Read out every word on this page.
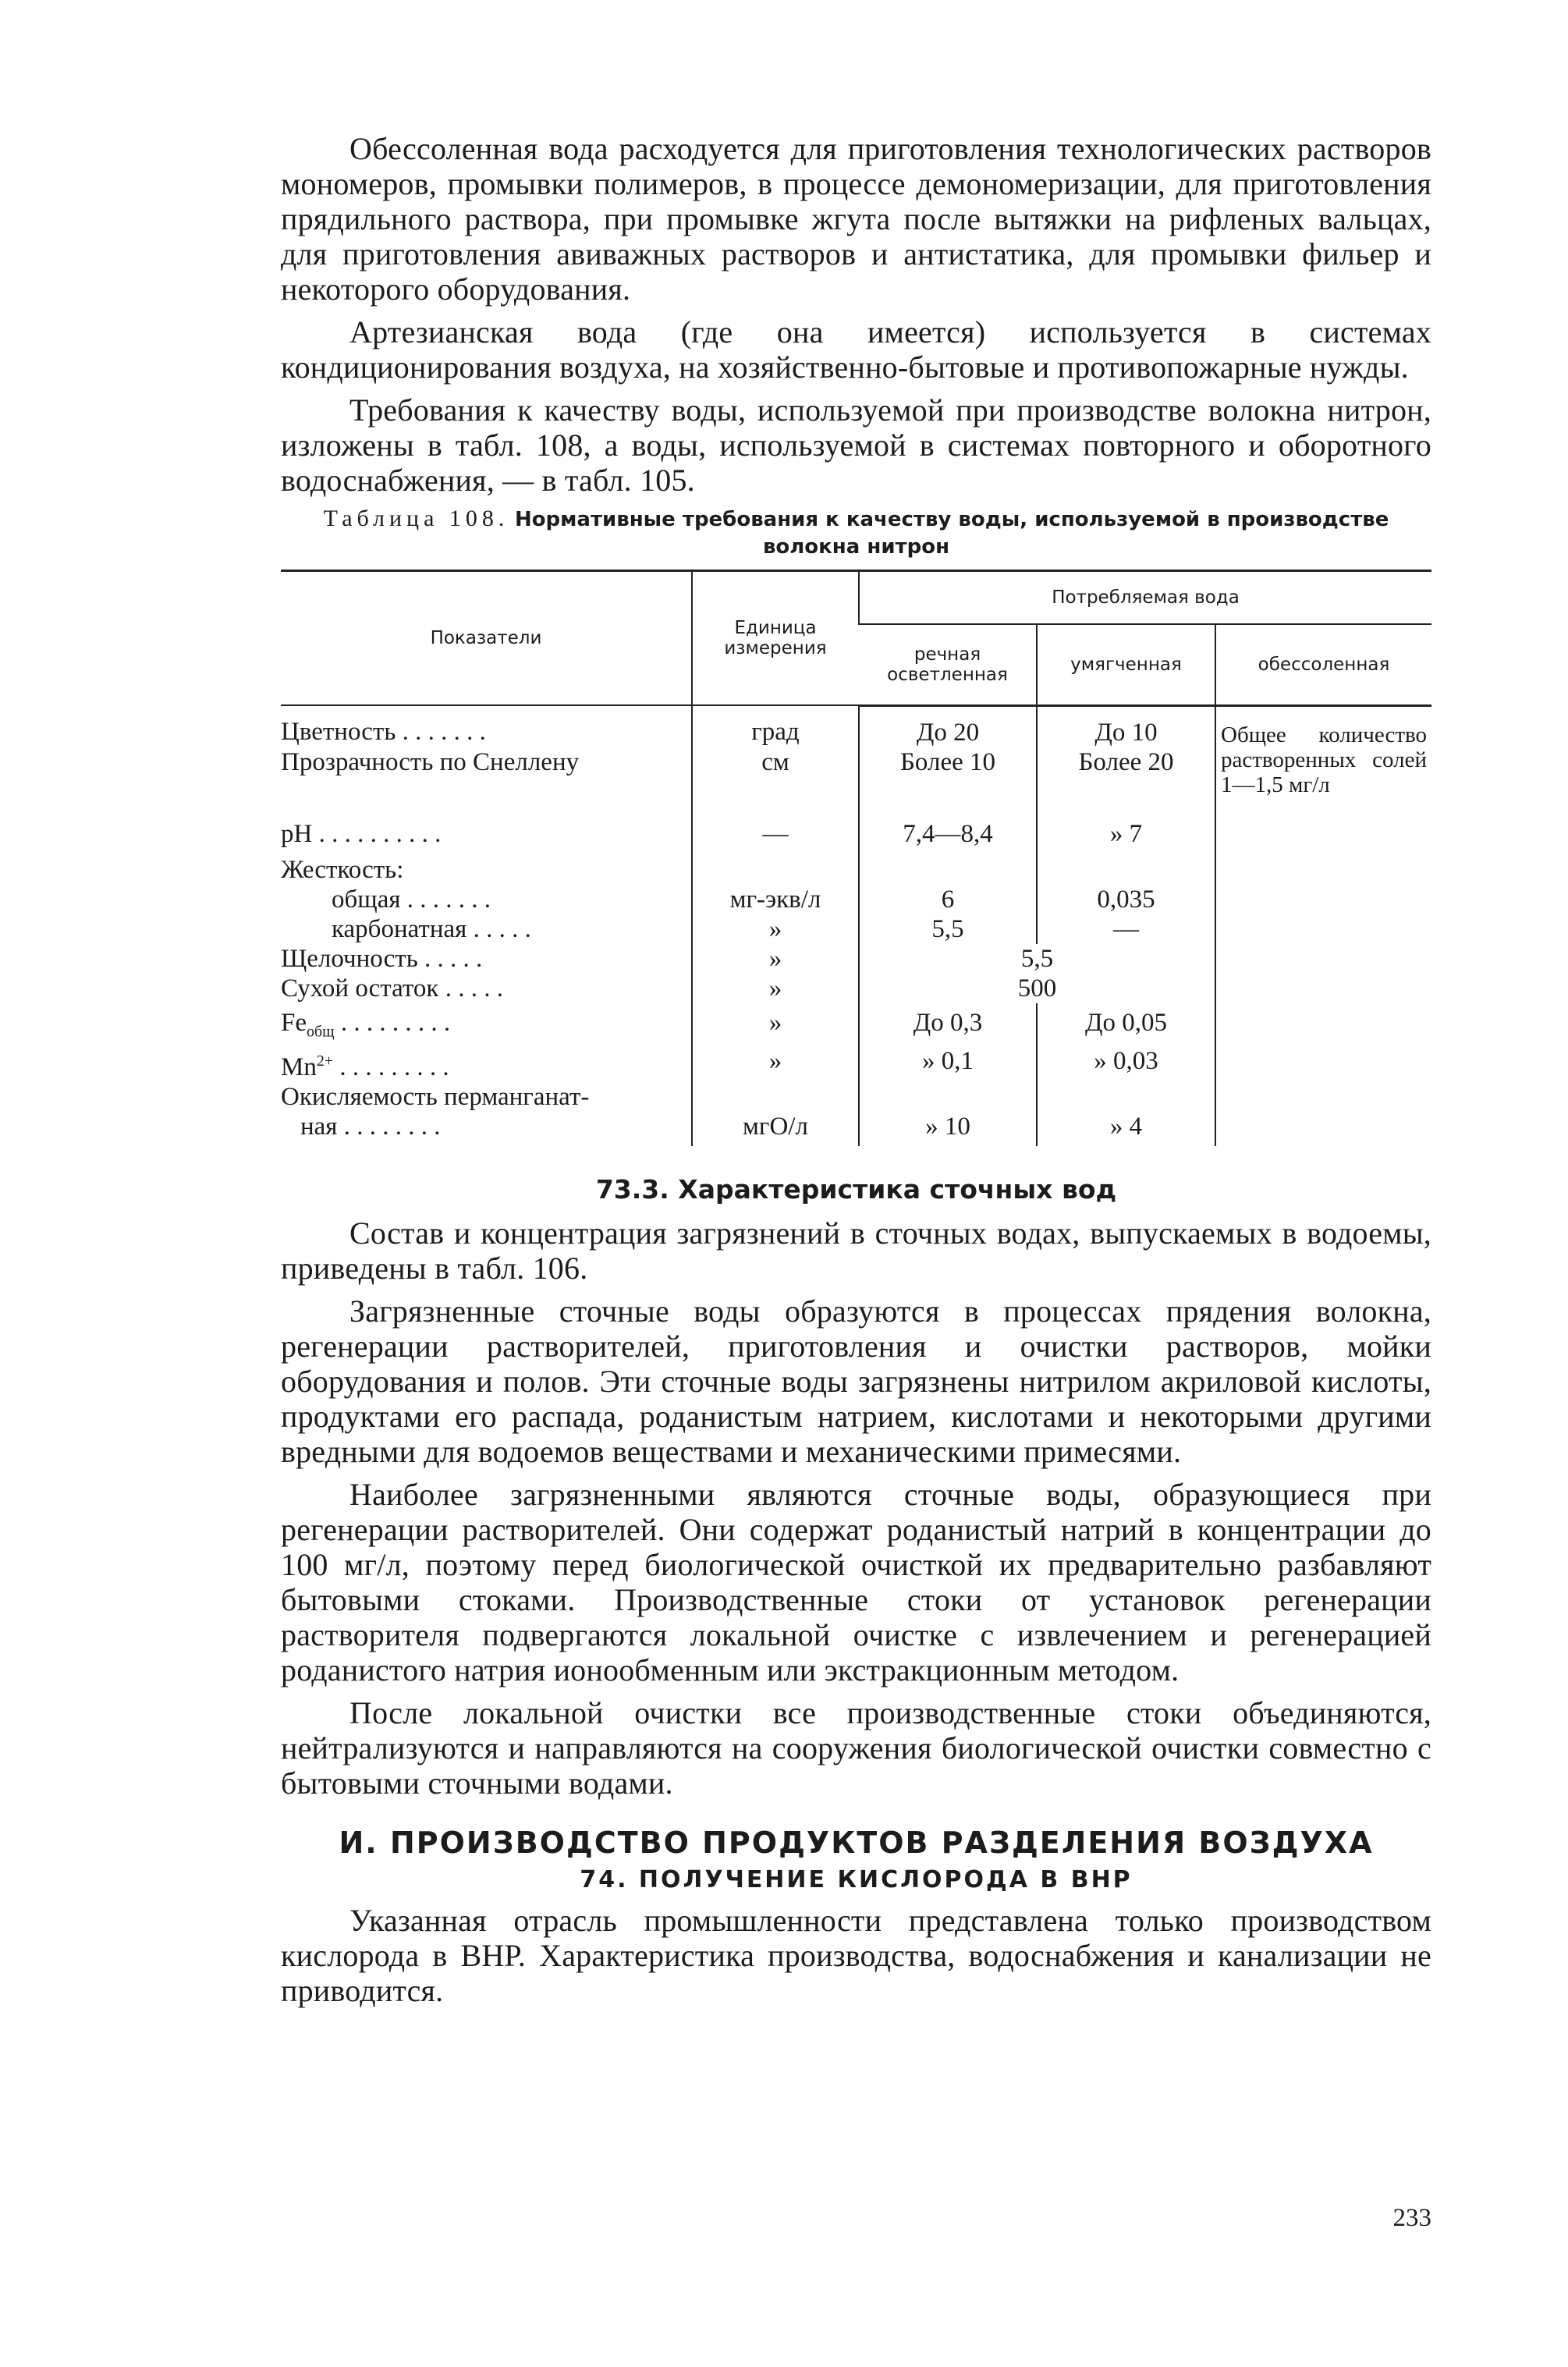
Обессоленная вода расходуется для приготовления технологических растворов мономеров, промывки полимеров, в процессе демономеризации, для приготовления прядильного раствора, при промывке жгута после вытяжки на рифленых вальцах, для приготовления авиважных растворов и антистатика, для промывки фильер и некоторого оборудования.

Артезианская вода (где она имеется) используется в системах кондиционирования воздуха, на хозяйственно-бытовые и противопожарные нужды.

Требования к качеству воды, используемой при производстве волокна нитрон, изложены в табл. 108, а воды, используемой в системах повторного и оборотного водоснабжения, — в табл. 105.

Таблица 108. Нормативные требования к качеству воды, используемой в производстве волокна нитрон
Показатели	Единица измерения	Потребляемая вода		
		речная осветленная	умягченная	обессоленная
Цветность . . . . . . .	град	До 20	До 10	Общее количество растворенных солей 1—1,5 мг/л
Прозрачность по Снеллену	см	Более 10	Более 20	
pH . . . . . . . . . .	—	7,4—8,4	» 7	
Жесткость:				
общая . . . . . . .	мг-экв/л	6	0,035	
карбонатная . . . . .	»	5,5	—	
Щелочность . . . . .	»	5,5		
Сухой остаток . . . . .	»	500		
$Fe_{общ}$ . . . . . . . . .	»	До 0,3	До 0,05	
$Mn^{2+}$ . . . . . . . . .	»	» 0,1	» 0,03	
Окисляемость перманганат-				
ная . . . . . . . .	мгО/л	» 10	» 4	
73.3. Характеристика сточных вод

Состав и концентрация загрязнений в сточных водах, выпускаемых в водоемы, приведены в табл. 106.

Загрязненные сточные воды образуются в процессах прядения волокна, регенерации растворителей, приготовления и очистки растворов, мойки оборудования и полов. Эти сточные воды загрязнены нитрилом акриловой кислоты, продуктами его распада, роданистым натрием, кислотами и некоторыми другими вредными для водоемов веществами и механическими примесями.

Наиболее загрязненными являются сточные воды, образующиеся при регенерации растворителей. Они содержат роданистый натрий в концентрации до 100 мг/л, поэтому перед биологической очисткой их предварительно разбавляют бытовыми стоками. Производственные стоки от установок регенерации растворителя подвергаются локальной очистке с извлечением и регенерацией роданистого натрия ионообменным или экстракционным методом.

После локальной очистки все производственные стоки объединяются, нейтрализуются и направляются на сооружения биологической очистки совместно с бытовыми сточными водами.

И. ПРОИЗВОДСТВО ПРОДУКТОВ РАЗДЕЛЕНИЯ ВОЗДУХА
74. ПОЛУЧЕНИЕ КИСЛОРОДА В ВНР

Указанная отрасль промышленности представлена только производством кислорода в ВНР. Характеристика производства, водоснабжения и канализации не приводится.

233
